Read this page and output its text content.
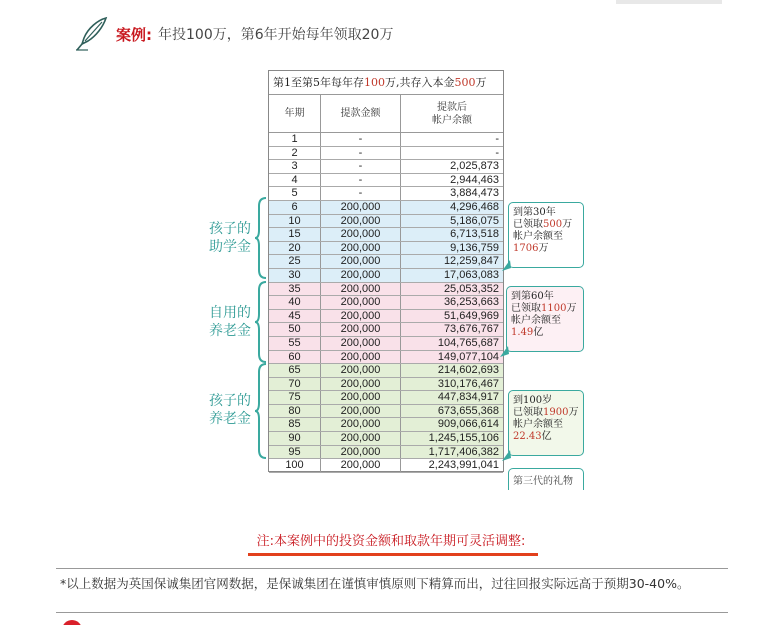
案例: 年投100万，第6年开始每年领取20万
孩子的
助学金
自用的
养老金
孩子的
养老金
第1至第5年每年存100万,共存入本金500万
年期	提款金额
提款后
帐户余额
1	-	-
2	-	-
3	-	2,025,873
4	-	2,944,463
5	-	3,884,473
6	200,000	4,296,468
10	200,000	5,186,075
15	200,000	6,713,518
20	200,000	9,136,759
25	200,000	12,259,847
30	200,000	17,063,083
35	200,000	25,053,352
40	200,000	36,253,663
45	200,000	51,649,969
50	200,000	73,676,767
55	200,000	104,765,687
60	200,000	149,077,104
65	200,000	214,602,693
70	200,000	310,176,467
75	200,000	447,834,917
80	200,000	673,655,368
85	200,000	909,066,614
90	200,000	1,245,155,106
95	200,000	1,717,406,382
100	200,000	2,243,991,041
到第30年
已领取500万
帐户余额至
1706万
到第60年
已领取1100万
帐户余额至
1.49亿
到100岁
已领取1900万
帐户余额至
22.43亿
第三代的礼物
注:本案例中的投资金额和取款年期可灵活调整:
*以上数据为英国保诚集团官网数据，是保诚集团在谨慎审慎原则下精算而出，过往回报实际远高于预期30-40%。
